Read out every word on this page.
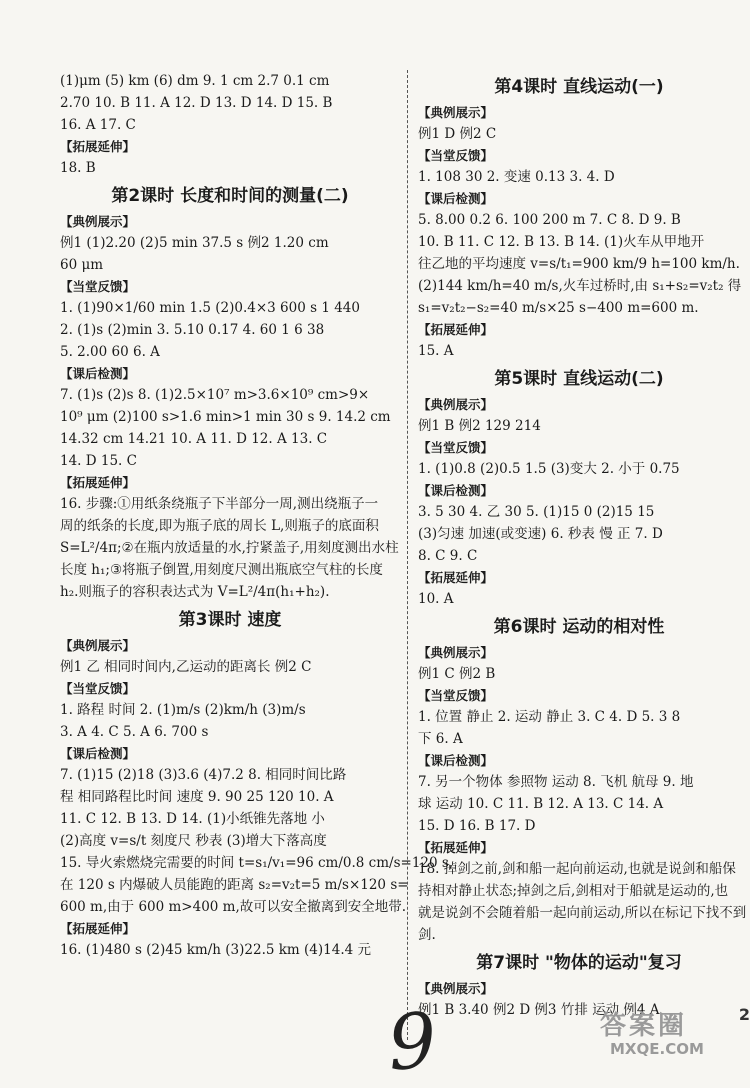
(1)μm (5) km (6) dm 9. 1 cm 2.7 0.1 cm
2.70 10. B 11. A 12. D 13. D 14. D 15. B
16. A 17. C
【 拓展延伸 】
18. B
第2课时 长度和时间的测量(二)
【 典例展示 】
例1 (1)2.20 (2)5 min 37.5 s 例2 1.20 cm
60 μm
【 当堂反馈 】
1. (1)90×1/60 min 1.5 (2)0.4×3 600 s 1 440
2. (1)s (2)min 3. 5.10 0.17 4. 60 1 6 38
5. 2.00 60 6. A
【 课后检测 】
7. (1)s (2)s 8. (1)2.5×10⁷ m>3.6×10⁹ cm>9×
10⁹ μm (2)100 s>1.6 min>1 min 30 s 9. 14.2 cm
14.32 cm 14.21 10. A 11. D 12. A 13. C
14. D 15. C
【 拓展延伸 】
16. 步骤:①用纸条绕瓶子下半部分一周,测出绕瓶子一
周的纸条的长度,即为瓶子底的周长 L,则瓶子的底面积
S=L²/4π;②在瓶内放适量的水,拧紧盖子,用刻度测出水柱
长度 h₁;③将瓶子倒置,用刻度尺测出瓶底空气柱的长度
h₂.则瓶子的容积表达式为 V=L²/4π(h₁+h₂).
第3课时 速度
【 典例展示 】
例1 乙 相同时间内,乙运动的距离长 例2 C
【 当堂反馈 】
1. 路程 时间 2. (1)m/s (2)km/h (3)m/s
3. A 4. C 5. A 6. 700 s
【 课后检测 】
7. (1)15 (2)18 (3)3.6 (4)7.2 8. 相同时间比路
程 相同路程比时间 速度 9. 90 25 120 10. A
11. C 12. B 13. D 14. (1)小纸锥先落地 小
(2)高度 v=s/t 刻度尺 秒表 (3)增大下落高度
15. 导火索燃烧完需要的时间 t=s₁/v₁=96 cm/0.8 cm/s=120 s,
在 120 s 内爆破人员能跑的距离 s₂=v₂t=5 m/s×120 s=
600 m,由于 600 m>400 m,故可以安全撤离到安全地带.
【 拓展延伸 】
16. (1)480 s (2)45 km/h (3)22.5 km (4)14.4 元
第4课时 直线运动(一)
【 典例展示 】
例1 D 例2 C
【 当堂反馈 】
1. 108 30 2. 变速 0.13 3. 4. D
【 课后检测 】
5. 8.00 0.2 6. 100 200 m 7. C 8. D 9. B
10. B 11. C 12. B 13. B 14. (1)火车从甲地开
往乙地的平均速度 v=s/t₁=900 km/9 h=100 km/h.
(2)144 km/h=40 m/s,火车过桥时,由 s₁+s₂=v₂t₂ 得
s₁=v₂t₂−s₂=40 m/s×25 s−400 m=600 m.
【 拓展延伸 】
15. A
第5课时 直线运动(二)
【 典例展示 】
例1 B 例2 129 214
【 当堂反馈 】
1. (1)0.8 (2)0.5 1.5 (3)变大 2. 小于 0.75
【 课后检测 】
3. 5 30 4. 乙 30 5. (1)15 0 (2)15 15
(3)匀速 加速(或变速) 6. 秒表 慢 正 7. D
8. C 9. C
【 拓展延伸 】
10. A
第6课时 运动的相对性
【 典例展示 】
例1 C 例2 B
【 当堂反馈 】
1. 位置 静止 2. 运动 静止 3. C 4. D 5. 3 8
下 6. A
【 课后检测 】
7. 另一个物体 参照物 运动 8. 飞机 航母 9. 地
球 运动 10. C 11. B 12. A 13. C 14. A
15. D 16. B 17. D
【 拓展延伸 】
18. 掉剑之前,剑和船一起向前运动,也就是说剑和船保
持相对静止状态;掉剑之后,剑相对于船就是运动的,也
就是说剑不会随着船一起向前运动,所以在标记下找不到
剑.
第7课时 "物体的运动"复习
【 典例展示 】
例1 B 3.40 例2 D 例3 竹排 运动 例4 A
9	2
答案圈
MXQE.COM
